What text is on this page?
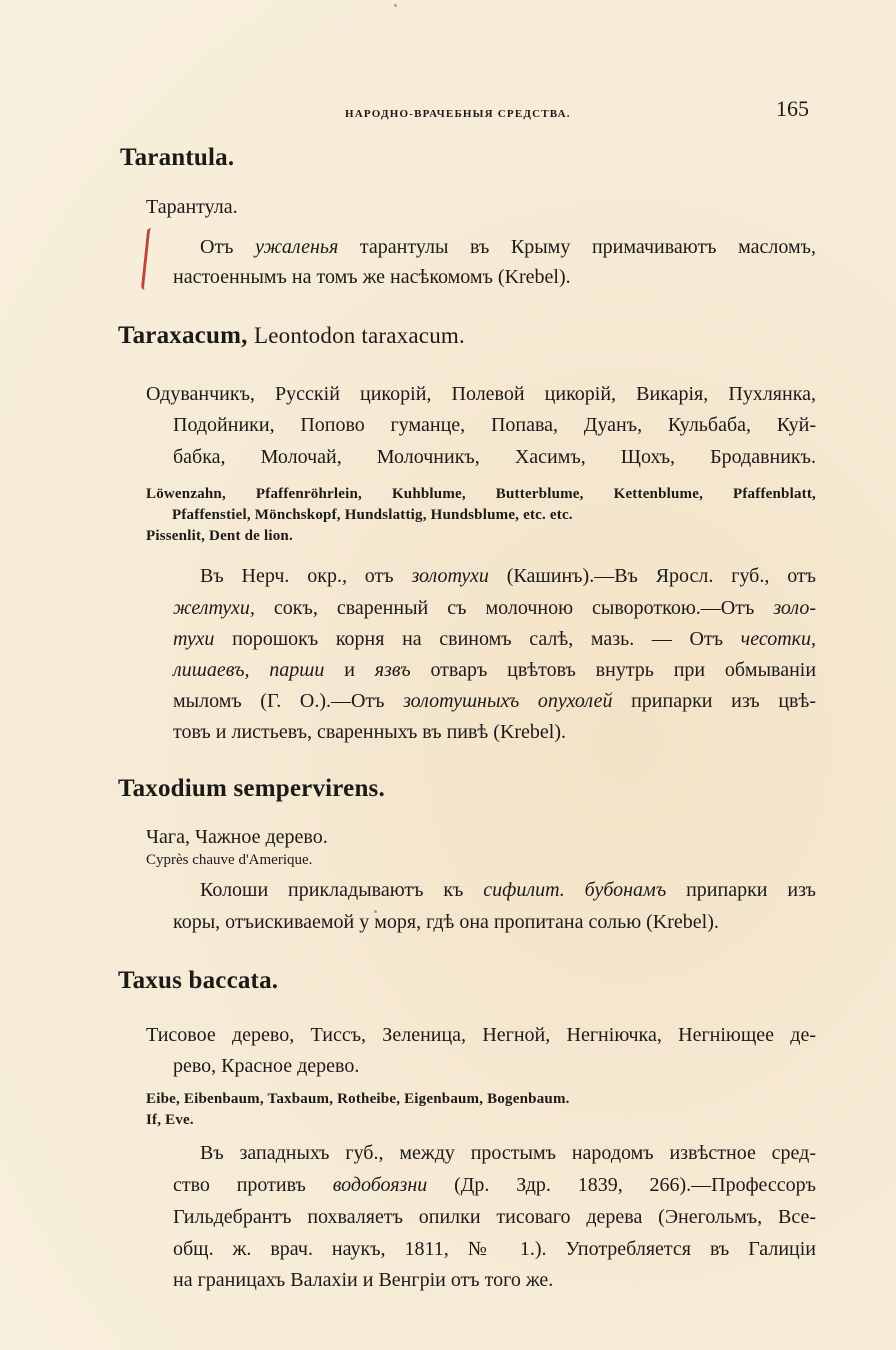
НАРОДНО-ВРАЧЕБНЫЯ СРЕДСТВА.	165
Tarantula.
Тарантула.
Отъ ужаленья тарантулы въ Крыму примачиваютъ масломъ,
настоеннымъ на томъ же насѣкомомъ (Krebel).
Taraxacum, Leontodon taraxacum.
Одуванчикъ, Русскій цикорій, Полевой цикорій, Викарія, Пухлянка,
Подойники, Попово гуманце, Попава, Дуанъ, Кульбаба, Куй-
бабка, Молочай, Молочникъ, Хасимъ, Щохъ, Бродавникъ.
Löwenzahn, Pfaffenröhrlein, Kuhblume, Butterblume, Kettenblume, Pfaffenblatt,
Pfaffenstiel, Mönchskopf, Hundslattig, Hundsblume, etc. etc.
Pissenlit, Dent de lion.
Въ Нерч. окр., отъ золотухи (Кашинъ).—Въ Яросл. губ., отъ
желтухи, сокъ, сваренный съ молочною сывороткою.—Отъ золо-
тухи порошокъ корня на свиномъ салѣ, мазь. — Отъ чесотки,
лишаевъ, парши и язвъ отваръ цвѣтовъ внутрь при обмываніи
мыломъ (Г. О.).—Отъ золотушныхъ опухолей припарки изъ цвѣ-
товъ и листьевъ, сваренныхъ въ пивѣ (Krebel).
Taxodium sempervirens.
Чага, Чажное дерево.
Cyprès chauve d'Amerique.
Колоши прикладываютъ къ сифилит. бубонамъ припарки изъ
коры, отъискиваемой у моря, гдѣ она пропитана солью (Krebel).
Taxus baccata.
Тисовое дерево, Тиссъ, Зеленица, Негной, Негніючка, Негніющее де-
рево, Красное дерево.
Eibe, Eibenbaum, Taxbaum, Rotheibe, Eigenbaum, Bogenbaum.
If, Eve.
Въ западныхъ губ., между простымъ народомъ извѣстное сред-
ство противъ водобоязни (Др. Здр. 1839, 266).—Профессоръ
Гильдебрантъ похваляетъ опилки тисоваго дерева (Энегольмъ, Все-
общ. ж. врач. наукъ, 1811, № 1.). Употребляется въ Галиціи
на границахъ Валахіи и Венгріи отъ того же.
